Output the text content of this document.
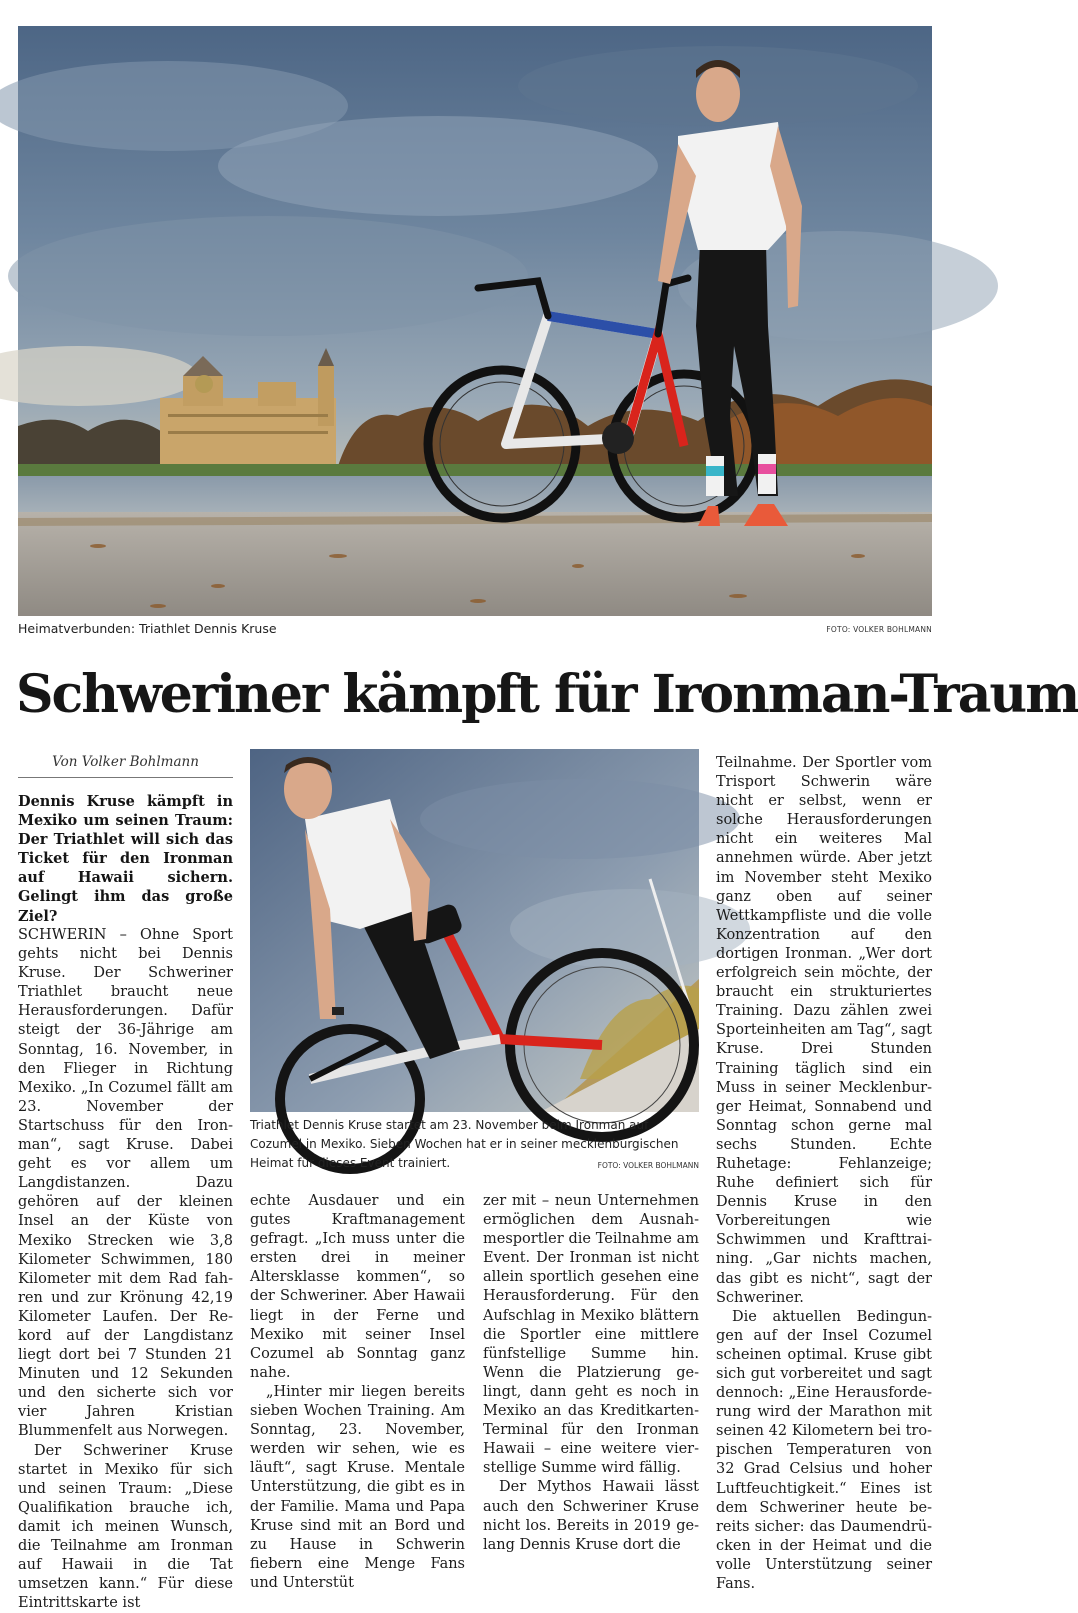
Heimatverbunden: Triathlet Dennis Kruse	FOTO: VOLKER BOHLMANN
Schweriner kämpft für Ironman-Traum
Von Volker Bohlmann

Dennis Kruse kämpft in Mexiko um seinen Traum: Der Triathlet will sich das Ticket für den Ironman auf Hawaii sichern. Gelingt ihm das große Ziel?

SCHWERIN – Ohne Sport gehts nicht bei Dennis Kruse. Der Schweriner Triathlet braucht neue Herausforderungen. Dafür steigt der 36-Jährige am Sonntag, 16. November, in den Flieger in Richtung Mexiko. „In Cozumel fällt am 23. November der Startschuss für den Ironman“, sagt Kruse. Dabei geht es vor allem um Langdistanzen. Dazu gehören auf der kleinen Insel an der Küste von Mexiko Strecken wie 3,8 Kilometer Schwimmen, 180 Kilometer mit dem Rad fahren und zur Krönung 42,19 Kilometer Laufen. Der Rekord auf der Langdistanz liegt dort bei 7 Stunden 21 Minuten und 12 Sekunden und den sicherte sich vor vier Jahren Kristian Blummenfelt aus Norwegen.

Der Schweriner Kruse startet in Mexiko für sich und seinen Traum: „Diese Qualifikation brauche ich, damit ich meinen Wunsch, die Teilnahme am Ironman auf Hawaii in die Tat umsetzen kann.“ Für diese Eintrittskarte ist

Triathlet Dennis Kruse startet am 23. November beim Ironman auf Cozumel in Mexiko. Sieben Wochen hat er in seiner mecklenburgischen Heimat für dieses Event trainiert.	FOTO: VOLKER BOHLMANN

echte Ausdauer und ein gutes Kraftmanagement gefragt. „Ich muss unter die ersten drei in meiner Altersklasse kommen“, so der Schweriner. Aber Hawaii liegt in der Ferne und Mexiko mit seiner Insel Cozumel ab Sonntag ganz nahe.

„Hinter mir liegen bereits sieben Wochen Training. Am Sonntag, 23. November, werden wir sehen, wie es läuft“, sagt Kruse. Mentale Unterstützung, die gibt es in der Familie. Mama und Papa Kruse sind mit an Bord und zu Hause in Schwerin fiebern eine Menge Fans und Unterstüt

zer mit – neun Unternehmen ermöglichen dem Ausnahmesportler die Teilnahme am Event. Der Ironman ist nicht allein sportlich gesehen eine Herausforderung. Für den Aufschlag in Mexiko blättern die Sportler eine mittlere fünfstellige Summe hin. Wenn die Platzierung gelingt, dann geht es noch in Mexiko an das Kreditkarten-Terminal für den Ironman Hawaii – eine weitere vierstellige Summe wird fällig.

Der Mythos Hawaii lässt auch den Schweriner Kruse nicht los. Bereits in 2019 gelang Dennis Kruse dort die

Teilnahme. Der Sportler vom Trisport Schwerin wäre nicht er selbst, wenn er solche Herausforderungen nicht ein weiteres Mal annehmen würde. Aber jetzt im November steht Mexiko ganz oben auf seiner Wettkampfliste und die volle Konzentration auf den dortigen Ironman. „Wer dort erfolgreich sein möchte, der braucht ein strukturiertes Training. Dazu zählen zwei Sporteinheiten am Tag“, sagt Kruse. Drei Stunden Training täglich sind ein Muss in seiner Mecklenburger Heimat, Sonnabend und Sonntag schon gerne mal sechs Stunden. Echte Ruhetage: Fehlanzeige; Ruhe definiert sich für Dennis Kruse in den Vorbereitungen wie Schwimmen und Krafttraining. „Gar nichts machen, das gibt es nicht“, sagt der Schweriner.

Die aktuellen Bedingungen auf der Insel Cozumel scheinen optimal. Kruse gibt sich gut vorbereitet und sagt dennoch: „Eine Herausforderung wird der Marathon mit seinen 42 Kilometern bei tropischen Temperaturen von 32 Grad Celsius und hoher Luftfeuchtigkeit.“ Eines ist dem Schweriner heute bereits sicher: das Daumendrücken in der Heimat und die volle Unterstützung seiner Fans.
